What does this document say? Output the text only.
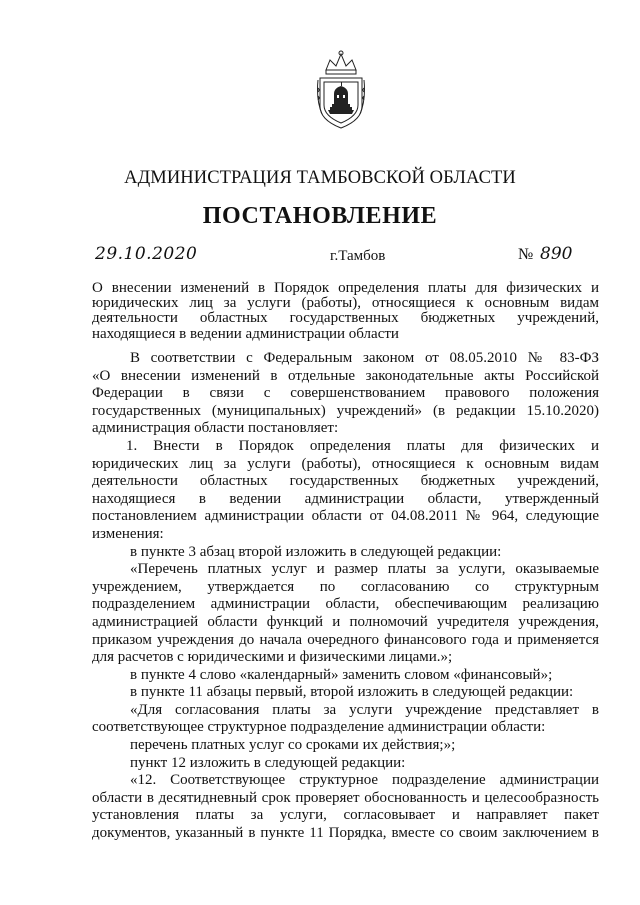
АДМИНИСТРАЦИЯ ТАМБОВСКОЙ ОБЛАСТИ
ПОСТАНОВЛЕНИЕ
29.10.2020	г.Тамбов	№ 890
О внесении изменений в Порядок определения платы для физических и
юридических лиц за услуги (работы), относящиеся к основным видам
деятельности областных государственных бюджетных учреждений,
находящиеся в ведении администрации области
В соответствии с Федеральным законом от 08.05.2010 № 83-ФЗ
«О внесении изменений в отдельные законодательные акты Российской
Федерации в связи с совершенствованием правового положения
государственных (муниципальных) учреждений» (в редакции 15.10.2020)
администрация области постановляет:
1. Внести в Порядок определения платы для физических и
юридических лиц за услуги (работы), относящиеся к основным видам
деятельности областных государственных бюджетных учреждений,
находящиеся в ведении администрации области, утвержденный
постановлением администрации области от 04.08.2011 № 964, следующие
изменения:
в пункте 3 абзац второй изложить в следующей редакции:
«Перечень платных услуг и размер платы за услуги, оказываемые
учреждением, утверждается по согласованию со структурным
подразделением администрации области, обеспечивающим реализацию
администрацией области функций и полномочий учредителя учреждения,
приказом учреждения до начала очередного финансового года и применяется
для расчетов с юридическими и физическими лицами.»;
в пункте 4 слово «календарный» заменить словом «финансовый»;
в пункте 11 абзацы первый, второй изложить в следующей редакции:
«Для согласования платы за услуги учреждение представляет в
соответствующее структурное подразделение администрации области:
перечень платных услуг со сроками их действия;»;
пункт 12 изложить в следующей редакции:
«12. Соответствующее структурное подразделение администрации
области в десятидневный срок проверяет обоснованность и целесообразность
установления платы за услуги, согласовывает и направляет пакет
документов, указанный в пункте 11 Порядка, вместе со своим заключением в
